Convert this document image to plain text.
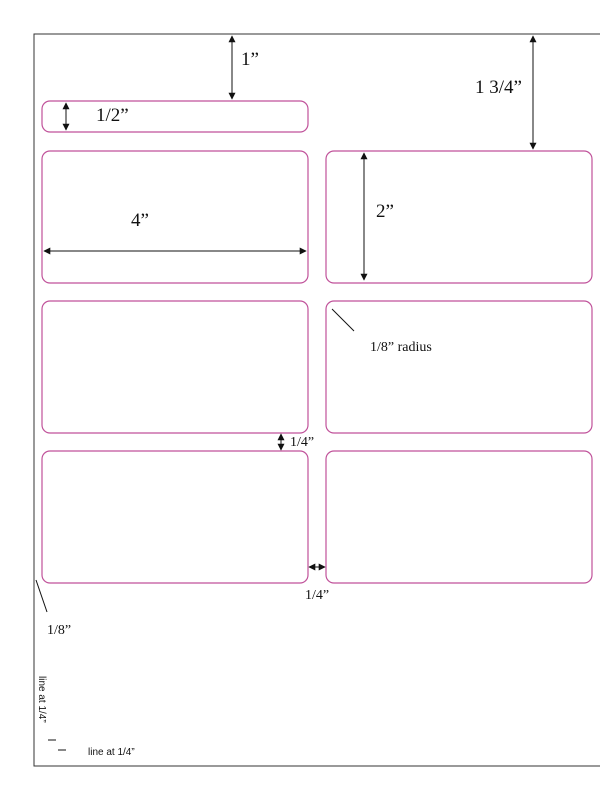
1”
1 3/4”
1/2”
4”	2”
1/8” radius
1/4”
1/4”
1/8”
line at 1/4”
line at 1/4”
